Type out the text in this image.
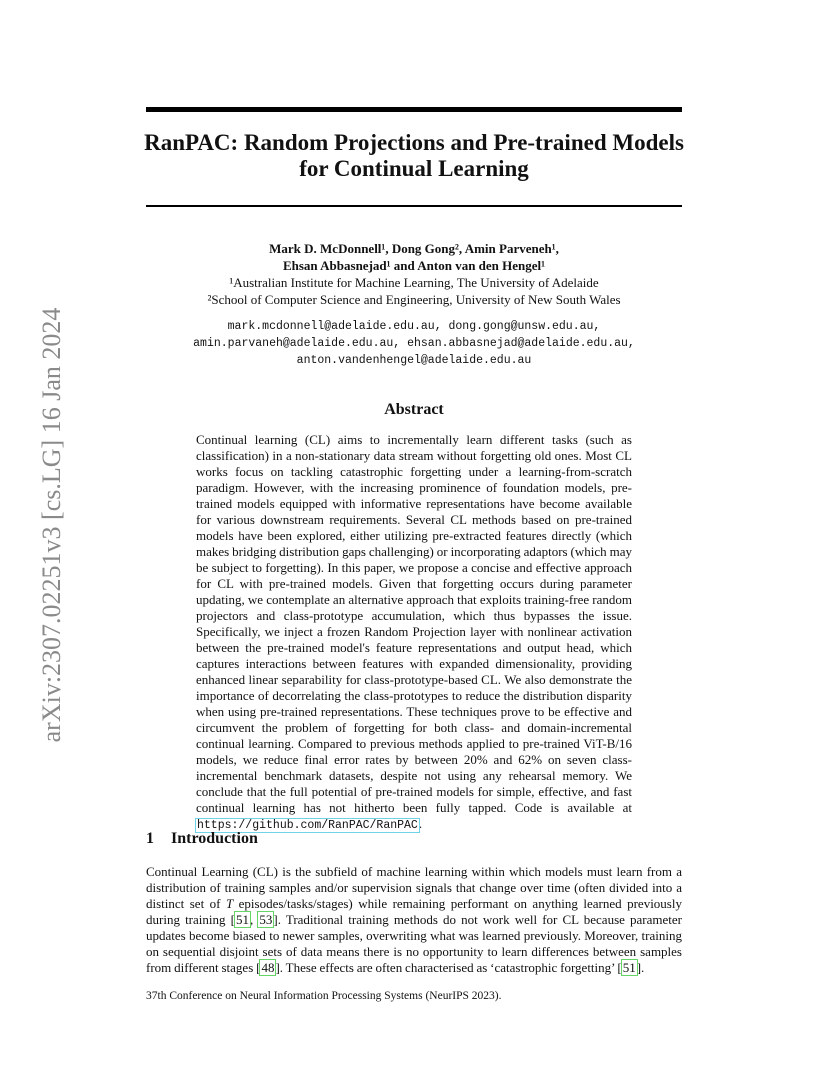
arXiv:2307.02251v3 [cs.LG] 16 Jan 2024
RanPAC: Random Projections and Pre-trained Models
for Continual Learning
Mark D. McDonnell¹, Dong Gong², Amin Parveneh¹,
Ehsan Abbasnejad¹ and Anton van den Hengel¹
¹Australian Institute for Machine Learning, The University of Adelaide
²School of Computer Science and Engineering, University of New South Wales
mark.mcdonnell@adelaide.edu.au, dong.gong@unsw.edu.au,
amin.parvaneh@adelaide.edu.au, ehsan.abbasnejad@adelaide.edu.au,
anton.vandenhengel@adelaide.edu.au
Abstract
Continual learning (CL) aims to incrementally learn different tasks (such as classification) in a non-stationary data stream without forgetting old ones. Most CL works focus on tackling catastrophic forgetting under a learning-from-scratch paradigm. However, with the increasing prominence of foundation models, pre-trained models equipped with informative representations have become available for various downstream requirements. Several CL methods based on pre-trained models have been explored, either utilizing pre-extracted features directly (which makes bridging distribution gaps challenging) or incorporating adaptors (which may be subject to forgetting). In this paper, we propose a concise and effective approach for CL with pre-trained models. Given that forgetting occurs during parameter updating, we contemplate an alternative approach that exploits training-free random projectors and class-prototype accumulation, which thus bypasses the issue. Specifically, we inject a frozen Random Projection layer with nonlinear activation between the pre-trained model's feature representations and output head, which captures interactions between features with expanded dimensionality, providing enhanced linear separability for class-prototype-based CL. We also demonstrate the importance of decorrelating the class-prototypes to reduce the distribution disparity when using pre-trained representations. These techniques prove to be effective and circumvent the problem of forgetting for both class- and domain-incremental continual learning. Compared to previous methods applied to pre-trained ViT-B/16 models, we reduce final error rates by between 20% and 62% on seven class-incremental benchmark datasets, despite not using any rehearsal memory. We conclude that the full potential of pre-trained models for simple, effective, and fast continual learning has not hitherto been fully tapped. Code is available at https://github.com/RanPAC/RanPAC.
1 Introduction
Continual Learning (CL) is the subfield of machine learning within which models must learn from a distribution of training samples and/or supervision signals that change over time (often divided into a distinct set of T episodes/tasks/stages) while remaining performant on anything learned previously during training [51, 53]. Traditional training methods do not work well for CL because parameter updates become biased to newer samples, overwriting what was learned previously. Moreover, training on sequential disjoint sets of data means there is no opportunity to learn differences between samples from different stages [48]. These effects are often characterised as ‘catastrophic forgetting’ [51].
37th Conference on Neural Information Processing Systems (NeurIPS 2023).
